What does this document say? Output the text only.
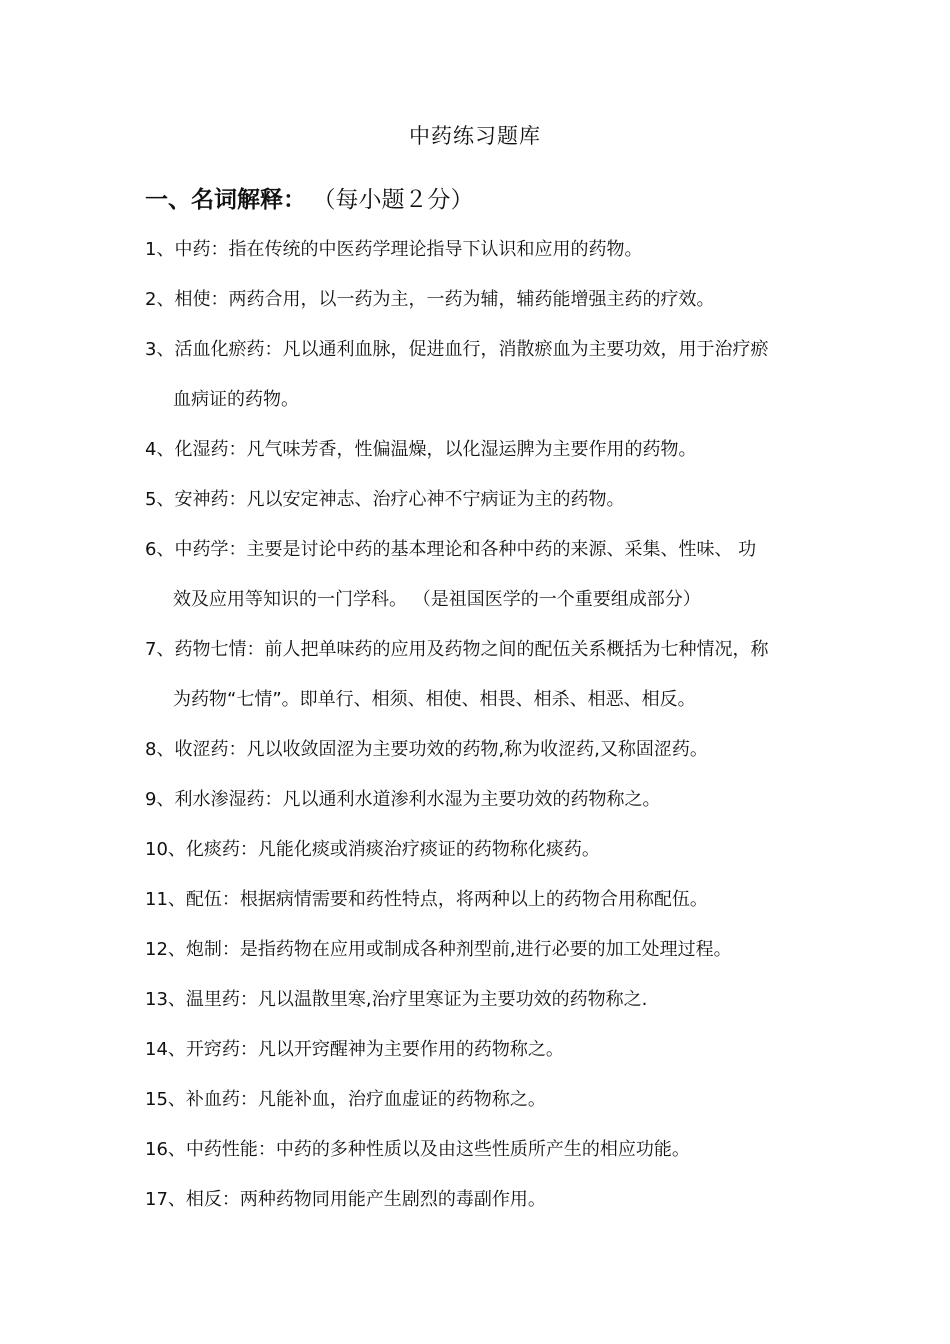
中药练习题库
一、名词解释： （每小题２分）
1、中药：指在传统的中医药学理论指导下认识和应用的药物。
2、相使：两药合用，以一药为主，一药为辅，辅药能增强主药的疗效。
3、活血化瘀药：凡以通利血脉，促进血行，消散瘀血为主要功效，用于治疗瘀
血病证的药物。
4、化湿药：凡气味芳香，性偏温燥，以化湿运脾为主要作用的药物。
5、安神药：凡以安定神志、治疗心神不宁病证为主的药物。
6、中药学：主要是讨论中药的基本理论和各种中药的来源、采集、性味、 功
效及应用等知识的一门学科。 （是祖国医学的一个重要组成部分）
7、药物七情：前人把单味药的应用及药物之间的配伍关系概括为七种情况，称
为药物“七情”。即单行、相须、相使、相畏、相杀、相恶、相反。
8、收涩药：凡以收敛固涩为主要功效的药物,称为收涩药,又称固涩药。
9、利水渗湿药：凡以通利水道渗利水湿为主要功效的药物称之。
10、化痰药：凡能化痰或消痰治疗痰证的药物称化痰药。
11、配伍：根据病情需要和药性特点，将两种以上的药物合用称配伍。
12、炮制：是指药物在应用或制成各种剂型前,进行必要的加工处理过程。
13、温里药：凡以温散里寒,治疗里寒证为主要功效的药物称之.
14、开窍药：凡以开窍醒神为主要作用的药物称之。
15、补血药：凡能补血，治疗血虚证的药物称之。
16、中药性能：中药的多种性质以及由这些性质所产生的相应功能。
17、相反：两种药物同用能产生剧烈的毒副作用。
